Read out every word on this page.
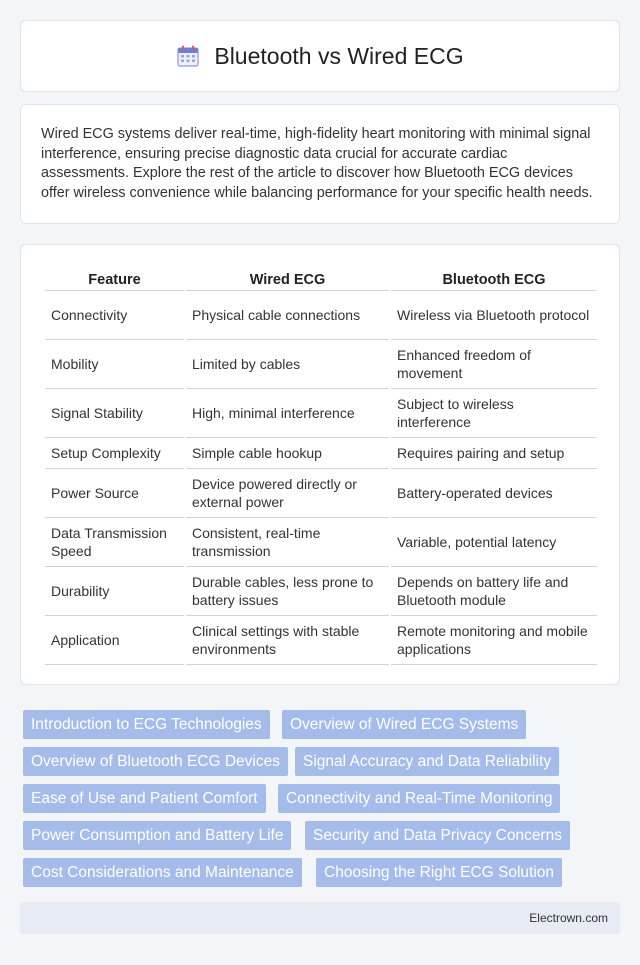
Bluetooth vs Wired ECG

Wired ECG systems deliver real-time, high-fidelity heart monitoring with minimal signal interference, ensuring precise diagnostic data crucial for accurate cardiac assessments. Explore the rest of the article to discover how Bluetooth ECG devices offer wireless convenience while balancing performance for your specific health needs.

Feature	Wired ECG	Bluetooth ECG
Connectivity	Physical cable connections	Wireless via Bluetooth protocol
Mobility	Limited by cables	Enhanced freedom of movement
Signal Stability	High, minimal interference	Subject to wireless interference
Setup Complexity	Simple cable hookup	Requires pairing and setup
Power Source	Device powered directly or external power	Battery-operated devices
Data Transmission Speed	Consistent, real-time transmission	Variable, potential latency
Durability	Durable cables, less prone to battery issues	Depends on battery life and Bluetooth module
Application	Clinical settings with stable environments	Remote monitoring and mobile applications
Introduction to ECG Technologies	Overview of Wired ECG Systems
Overview of Bluetooth ECG Devices	Signal Accuracy and Data Reliability
Ease of Use and Patient Comfort	Connectivity and Real-Time Monitoring
Power Consumption and Battery Life	Security and Data Privacy Concerns
Cost Considerations and Maintenance	Choosing the Right ECG Solution
Electrown.com
